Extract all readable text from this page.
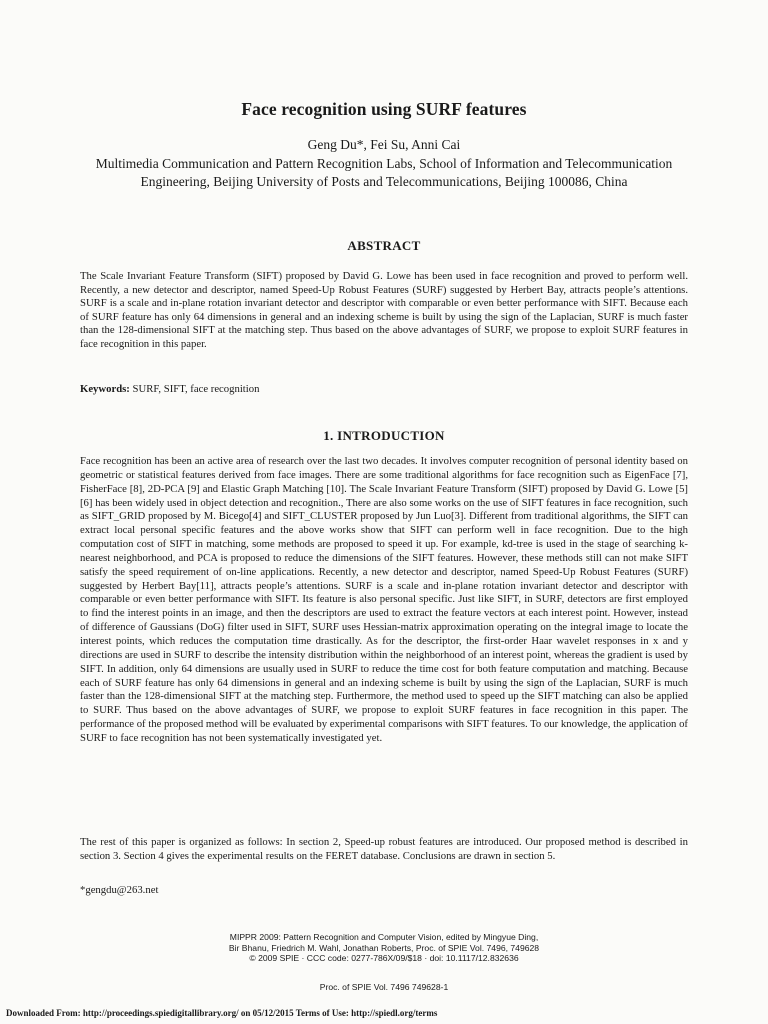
Face recognition using SURF features
Geng Du*, Fei Su, Anni Cai
Multimedia Communication and Pattern Recognition Labs, School of Information and Telecommunication Engineering, Beijing University of Posts and Telecommunications, Beijing 100086, China
ABSTRACT

The Scale Invariant Feature Transform (SIFT) proposed by David G. Lowe has been used in face recognition and proved to perform well. Recently, a new detector and descriptor, named Speed-Up Robust Features (SURF) suggested by Herbert Bay, attracts people’s attentions. SURF is a scale and in-plane rotation invariant detector and descriptor with comparable or even better performance with SIFT. Because each of SURF feature has only 64 dimensions in general and an indexing scheme is built by using the sign of the Laplacian, SURF is much faster than the 128-dimensional SIFT at the matching step. Thus based on the above advantages of SURF, we propose to exploit SURF features in face recognition in this paper.

Keywords: SURF, SIFT, face recognition

1. INTRODUCTION

Face recognition has been an active area of research over the last two decades. It involves computer recognition of personal identity based on geometric or statistical features derived from face images. There are some traditional algorithms for face recognition such as EigenFace [7], FisherFace [8], 2D-PCA [9] and Elastic Graph Matching [10]. The Scale Invariant Feature Transform (SIFT) proposed by David G. Lowe [5][6] has been widely used in object detection and recognition., There are also some works on the use of SIFT features in face recognition, such as SIFT_GRID proposed by M. Bicego[4] and SIFT_CLUSTER proposed by Jun Luo[3]. Different from traditional algorithms, the SIFT can extract local personal specific features and the above works show that SIFT can perform well in face recognition. Due to the high computation cost of SIFT in matching, some methods are proposed to speed it up. For example, kd-tree is used in the stage of searching k-nearest neighborhood, and PCA is proposed to reduce the dimensions of the SIFT features. However, these methods still can not make SIFT satisfy the speed requirement of on-line applications. Recently, a new detector and descriptor, named Speed-Up Robust Features (SURF) suggested by Herbert Bay[11], attracts people’s attentions. SURF is a scale and in-plane rotation invariant detector and descriptor with comparable or even better performance with SIFT. Its feature is also personal specific. Just like SIFT, in SURF, detectors are first employed to find the interest points in an image, and then the descriptors are used to extract the feature vectors at each interest point. However, instead of difference of Gaussians (DoG) filter used in SIFT, SURF uses Hessian-matrix approximation operating on the integral image to locate the interest points, which reduces the computation time drastically. As for the descriptor, the first-order Haar wavelet responses in x and y directions are used in SURF to describe the intensity distribution within the neighborhood of an interest point, whereas the gradient is used by SIFT. In addition, only 64 dimensions are usually used in SURF to reduce the time cost for both feature computation and matching. Because each of SURF feature has only 64 dimensions in general and an indexing scheme is built by using the sign of the Laplacian, SURF is much faster than the 128-dimensional SIFT at the matching step. Furthermore, the method used to speed up the SIFT matching can also be applied to SURF. Thus based on the above advantages of SURF, we propose to exploit SURF features in face recognition in this paper. The performance of the proposed method will be evaluated by experimental comparisons with SIFT features. To our knowledge, the application of SURF to face recognition has not been systematically investigated yet.

The rest of this paper is organized as follows: In section 2, Speed-up robust features are introduced. Our proposed method is described in section 3. Section 4 gives the experimental results on the FERET database. Conclusions are drawn in section 5.

*gengdu@263.net

MIPPR 2009: Pattern Recognition and Computer Vision, edited by Mingyue Ding,
Bir Bhanu, Friedrich M. Wahl, Jonathan Roberts, Proc. of SPIE Vol. 7496, 749628
© 2009 SPIE · CCC code: 0277-786X/09/$18 · doi: 10.1117/12.832636
Proc. of SPIE Vol. 7496 749628-1
Downloaded From: http://proceedings.spiedigitallibrary.org/ on 05/12/2015 Terms of Use: http://spiedl.org/terms
